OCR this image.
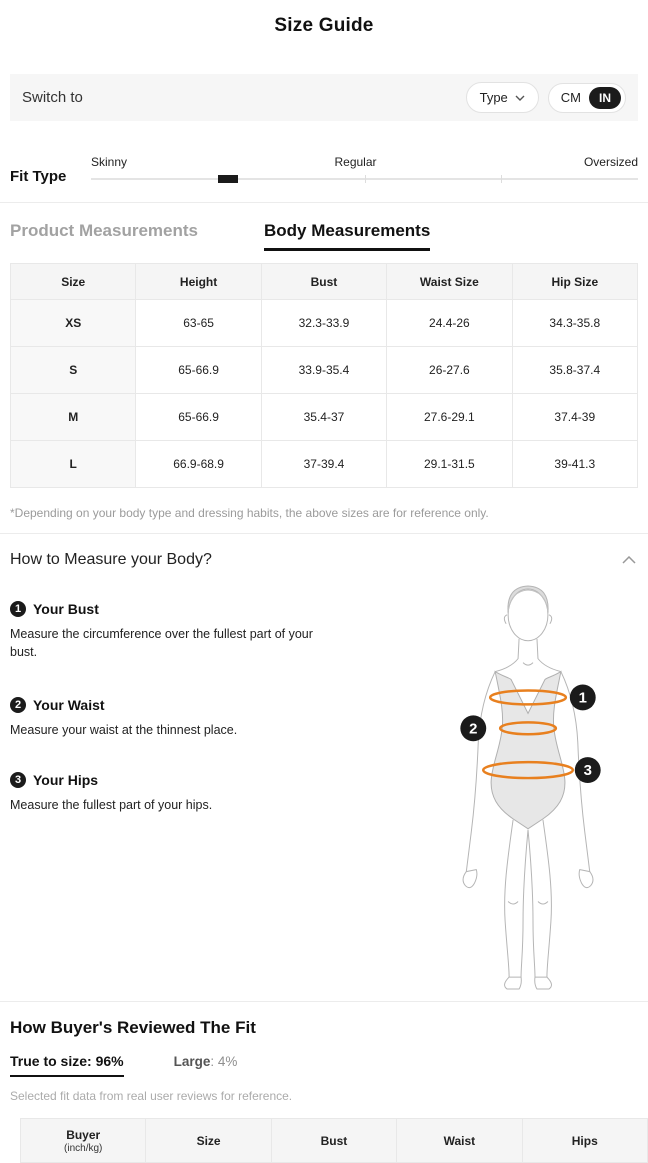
Size Guide
Switch to	Type	CM	IN
Fit Type
Skinny	Regular	Oversized
Product Measurements	Body Measurements
Size	Height	Bust	Waist Size	Hip Size
XS	63-65	32.3-33.9	24.4-26	34.3-35.8
S	65-66.9	33.9-35.4	26-27.6	35.8-37.4
M	65-66.9	35.4-37	27.6-29.1	37.4-39
L	66.9-68.9	37-39.4	29.1-31.5	39-41.3
*Depending on your body type and dressing habits, the above sizes are for reference only.
How to Measure your Body?
1 Your Bust
Measure the circumference over the fullest part of your bust.
2 Your Waist
Measure your waist at the thinnest place.
3 Your Hips
Measure the fullest part of your hips.
1
2
3
How Buyer's Reviewed The Fit
True to size: 96%	Large: 4%
Selected fit data from real user reviews for reference.
Buyer
(inch/kg)
	Size	Bust	Waist	Hips
